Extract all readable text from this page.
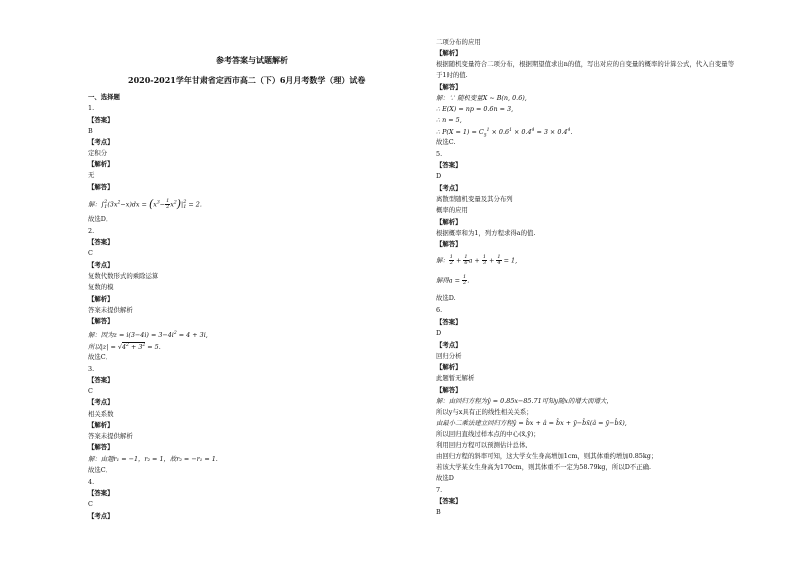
参考答案与试题解析
2020-2021学年甘肃省定西市高二（下）6月月考数学（理）试卷
一、选择题
1.
【答案】
B
【考点】
定积分
【解析】
无
【解答】
解：∫ 2
1 $(3x^2-x)dx = (x^3- \frac{1}{2} x^2)|$ 2
1 = 2.
故选D．
2.
【答案】
C
【考点】
复数代数形式的乘除运算
复数的模
【解析】
答案未提供解析
【解答】
解：因为$z = i(3-4i) = 3-4i^2 = 4 + 3i$,
所以$|z| = √4^2 + 3^2 = 5$.
故选C．
3.
【答案】
C
【考点】
相关系数
【解析】
答案未提供解析
【解答】
解：由题r₁ = −1，r₂ = 1，故r₂ = −r₁ = 1.
故选C．
4.
【答案】
C
【考点】
二项分布的应用
【解析】
根据随机变量符合二项分布，根据期望值求出n的值，写出对应的自变量的概率的计算公式，代入自变量等
于1时的值.
【解答】
解：∵ 随机变量X ~ B(n, 0.6),
∴ E(X) = np = 0.6n = 3,
∴ n = 5,
∴ $P(X = 1) = C_5^1 \times 0.6^1 \times 0.4^4 = 3 \times 0.4^4$.
故选C.
5.
【答案】
D
【考点】
离散型随机变量及其分布列
概率的应用
【解析】
根据概率和为1，列方程求得a的值.
【解答】
解： $\frac{1}{2} + \frac{1}{6}$ $a + \frac{1}{3} + \frac{1}{4} = 1$,
解得$a = \frac{1}{2}$ .
故选D.
6.
【答案】
D
【考点】
回归分析
【解析】
此题暂无解析
【解答】
解：由回归方程为ŷ = 0.85x−85.71可知y随x的增大而增大，
所以y与x具有正的线性相关关系；
由最小二乘法建立回归方程ŷ = b̂x + â = b̂x + ȳ−b̂x̄(â = ȳ−b̂x̄),
所以回归直线过样本点的中心(x̄,ȳ)；
利用回归方程可以预测估计总体,
由回归方程的斜率可知，这大学女生身高增加1cm，则其体重约增加0.85kg；
若该大学某女生身高为170cm，则其体重不一定为58.79kg，所以D不正确.
故选D
7.
【答案】
B
